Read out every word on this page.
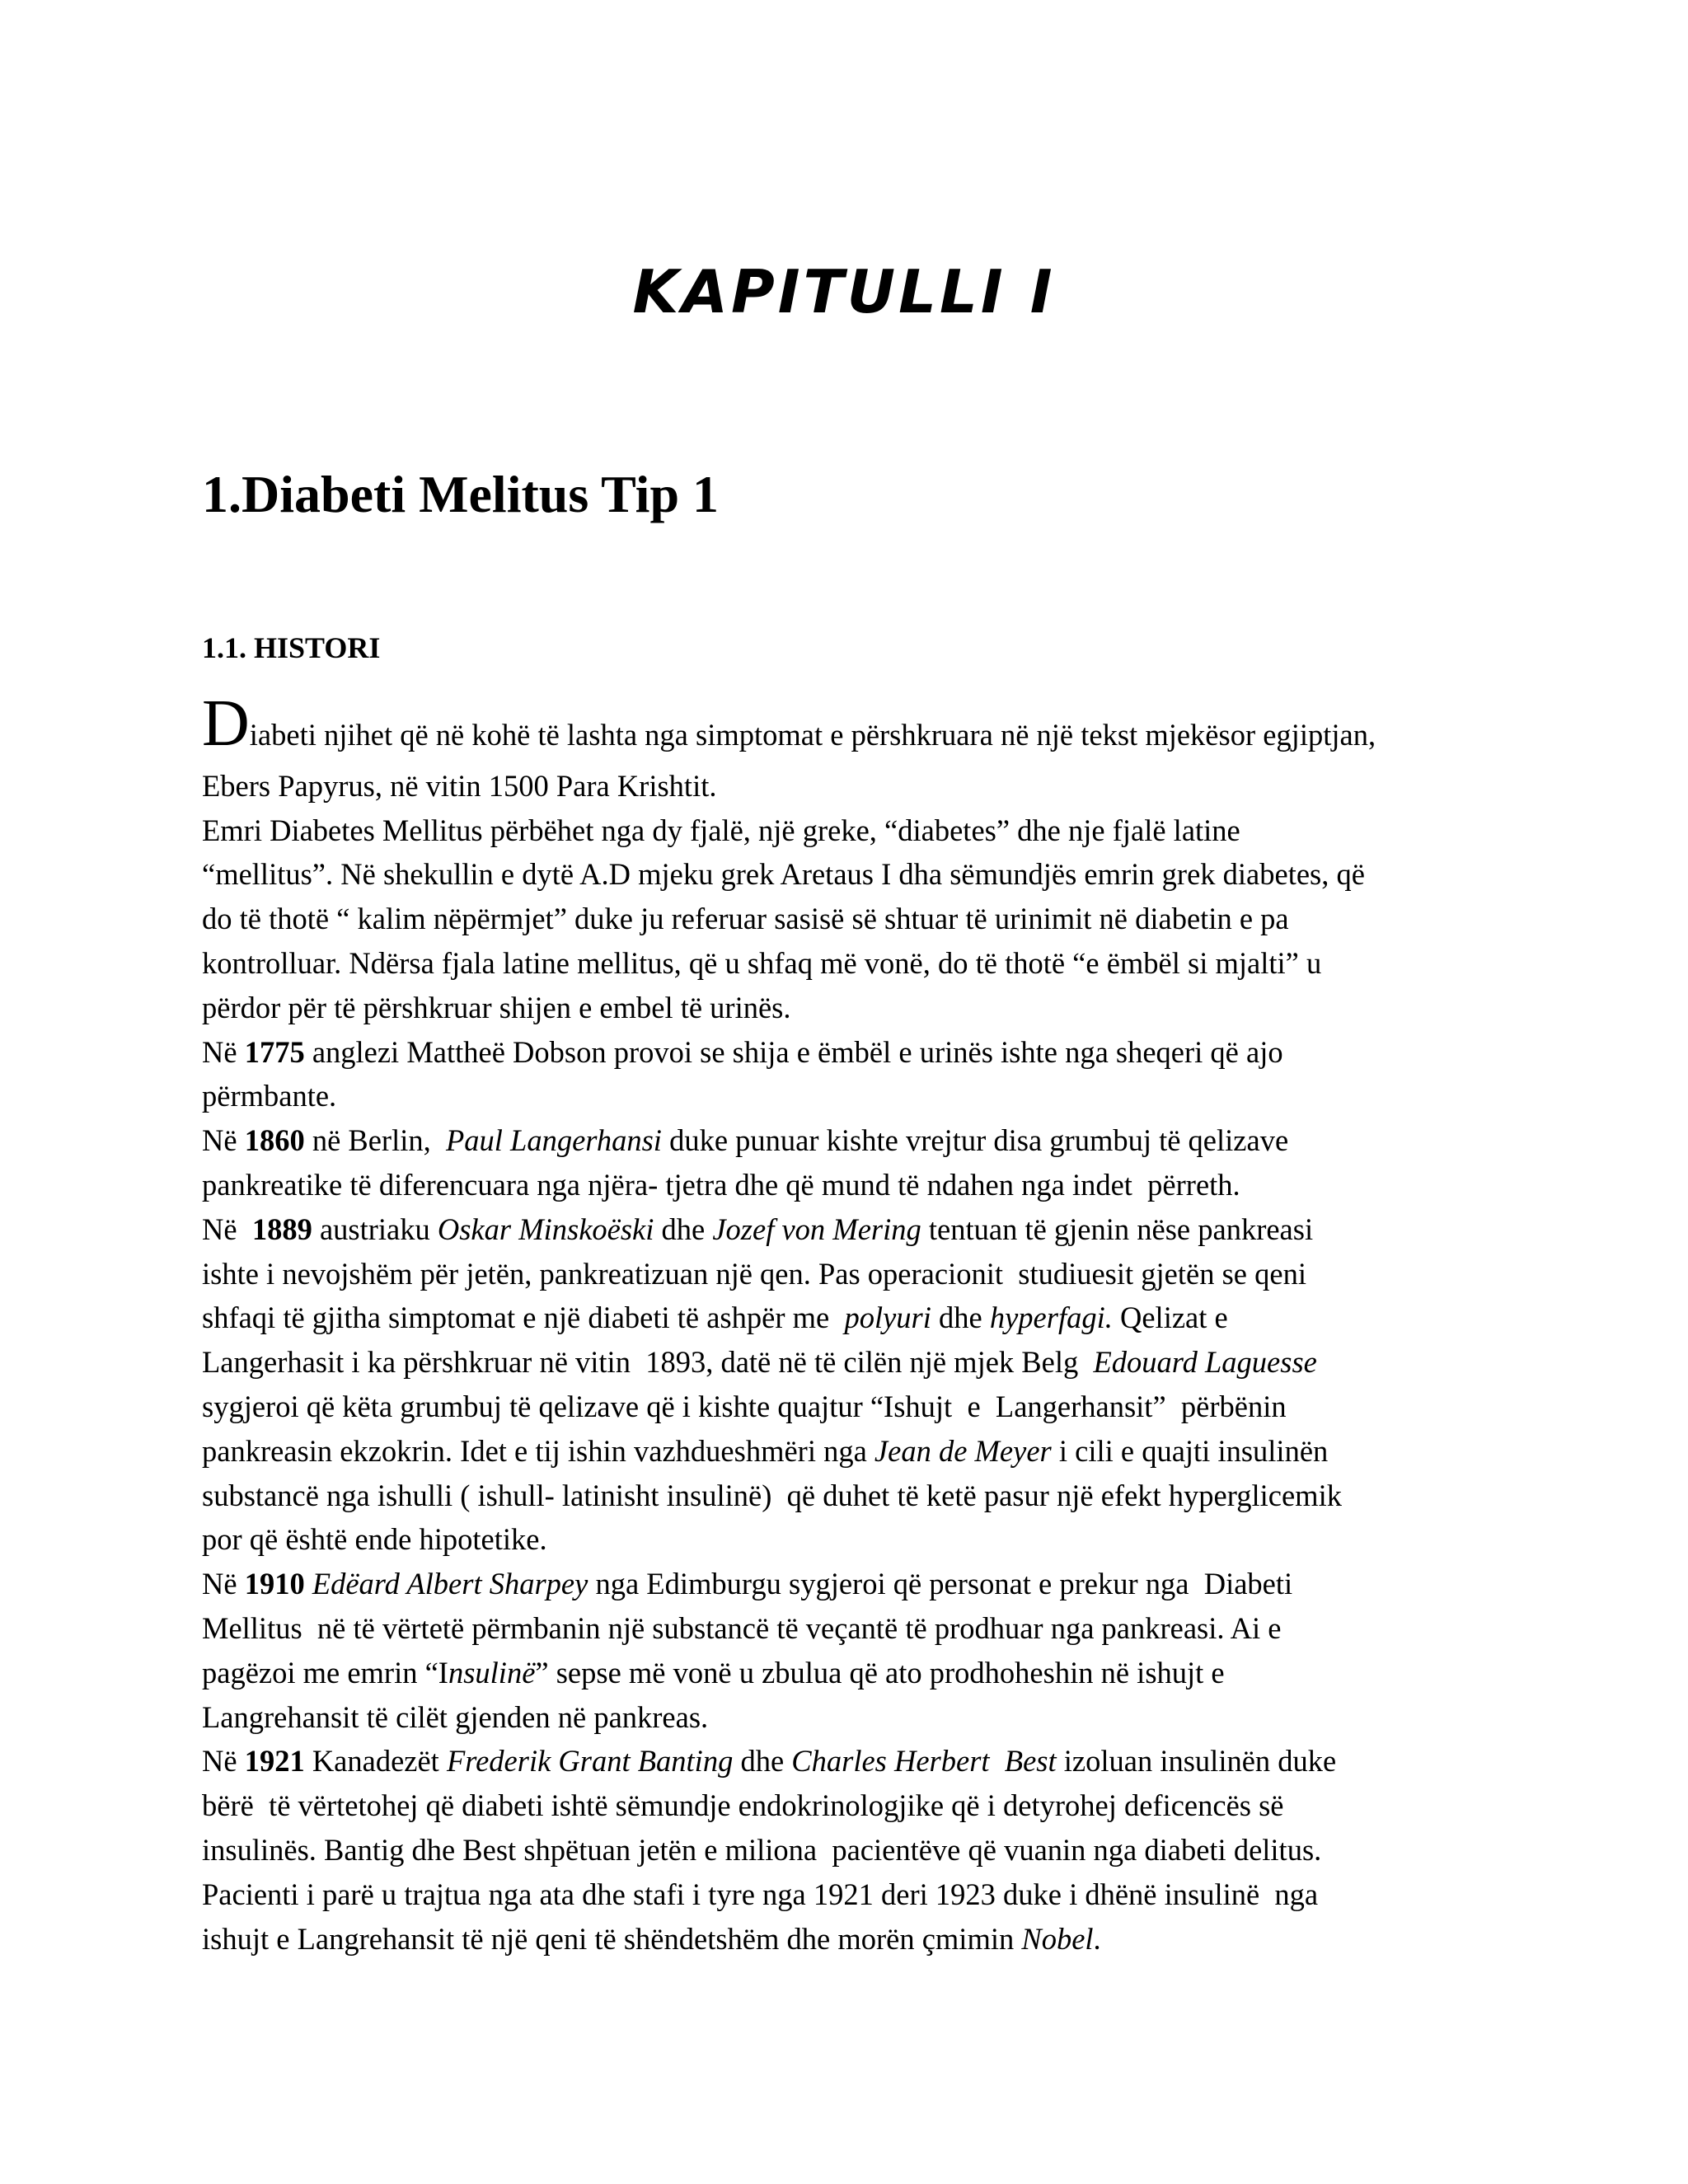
KAPITULLI I
1.Diabeti Melitus Tip 1
1.1. HISTORI
Diabeti njihet që në kohë të lashta nga simptomat e përshkruara në një tekst mjekësor egjiptjan,
Ebers Papyrus, në vitin 1500 Para Krishtit.
Emri Diabetes Mellitus përbëhet nga dy fjalë, një greke, “diabetes” dhe nje fjalë latine
“mellitus”. Në shekullin e dytë A.D mjeku grek Aretaus I dha sëmundjës emrin grek diabetes, që
do të thotë “ kalim nëpërmjet” duke ju referuar sasisë së shtuar të urinimit në diabetin e pa
kontrolluar. Ndërsa fjala latine mellitus, që u shfaq më vonë, do të thotë “e ëmbël si mjalti” u
përdor për të përshkruar shijen e embel të urinës.
Në 1775 anglezi Mattheë Dobson provoi se shija e ëmbël e urinës ishte nga sheqeri që ajo
përmbante.
Në 1860 në Berlin,  Paul Langerhansi duke punuar kishte vrejtur disa grumbuj të qelizave
pankreatike të diferencuara nga njëra- tjetra dhe që mund të ndahen nga indet  përreth.
Në  1889 austriaku Oskar Minskoëski dhe Jozef von Mering tentuan të gjenin nëse pankreasi
ishte i nevojshëm për jetën, pankreatizuan një qen. Pas operacionit  studiuesit gjetën se qeni
shfaqi të gjitha simptomat e një diabeti të ashpër me  polyuri dhe hyperfagi. Qelizat e
Langerhasit i ka përshkruar në vitin  1893, datë në të cilën një mjek Belg  Edouard Laguesse
sygjeroi që këta grumbuj të qelizave që i kishte quajtur “Ishujt  e  Langerhansit”  përbënin
pankreasin ekzokrin. Idet e tij ishin vazhdueshmëri nga Jean de Meyer i cili e quajti insulinën
substancë nga ishulli ( ishull- latinisht insulinë)  që duhet të ketë pasur një efekt hyperglicemik
por që është ende hipotetike.
Në 1910 Edëard Albert Sharpey nga Edimburgu sygjeroi që personat e prekur nga  Diabeti
Mellitus  në të vërtetë përmbanin një substancë të veçantë të prodhuar nga pankreasi. Ai e
pagëzoi me emrin “Insulinë” sepse më vonë u zbulua që ato prodhoheshin në ishujt e
Langrehansit të cilët gjenden në pankreas.
Në 1921 Kanadezët Frederik Grant Banting dhe Charles Herbert  Best izoluan insulinën duke
bërë  të vërtetohej që diabeti ishtë sëmundje endokrinologjike që i detyrohej deficencës së
insulinës. Bantig dhe Best shpëtuan jetën e miliona  pacientëve që vuanin nga diabeti delitus.
Pacienti i parë u trajtua nga ata dhe stafi i tyre nga 1921 deri 1923 duke i dhënë insulinë  nga
ishujt e Langrehansit të një qeni të shëndetshëm dhe morën çmimin Nobel.
